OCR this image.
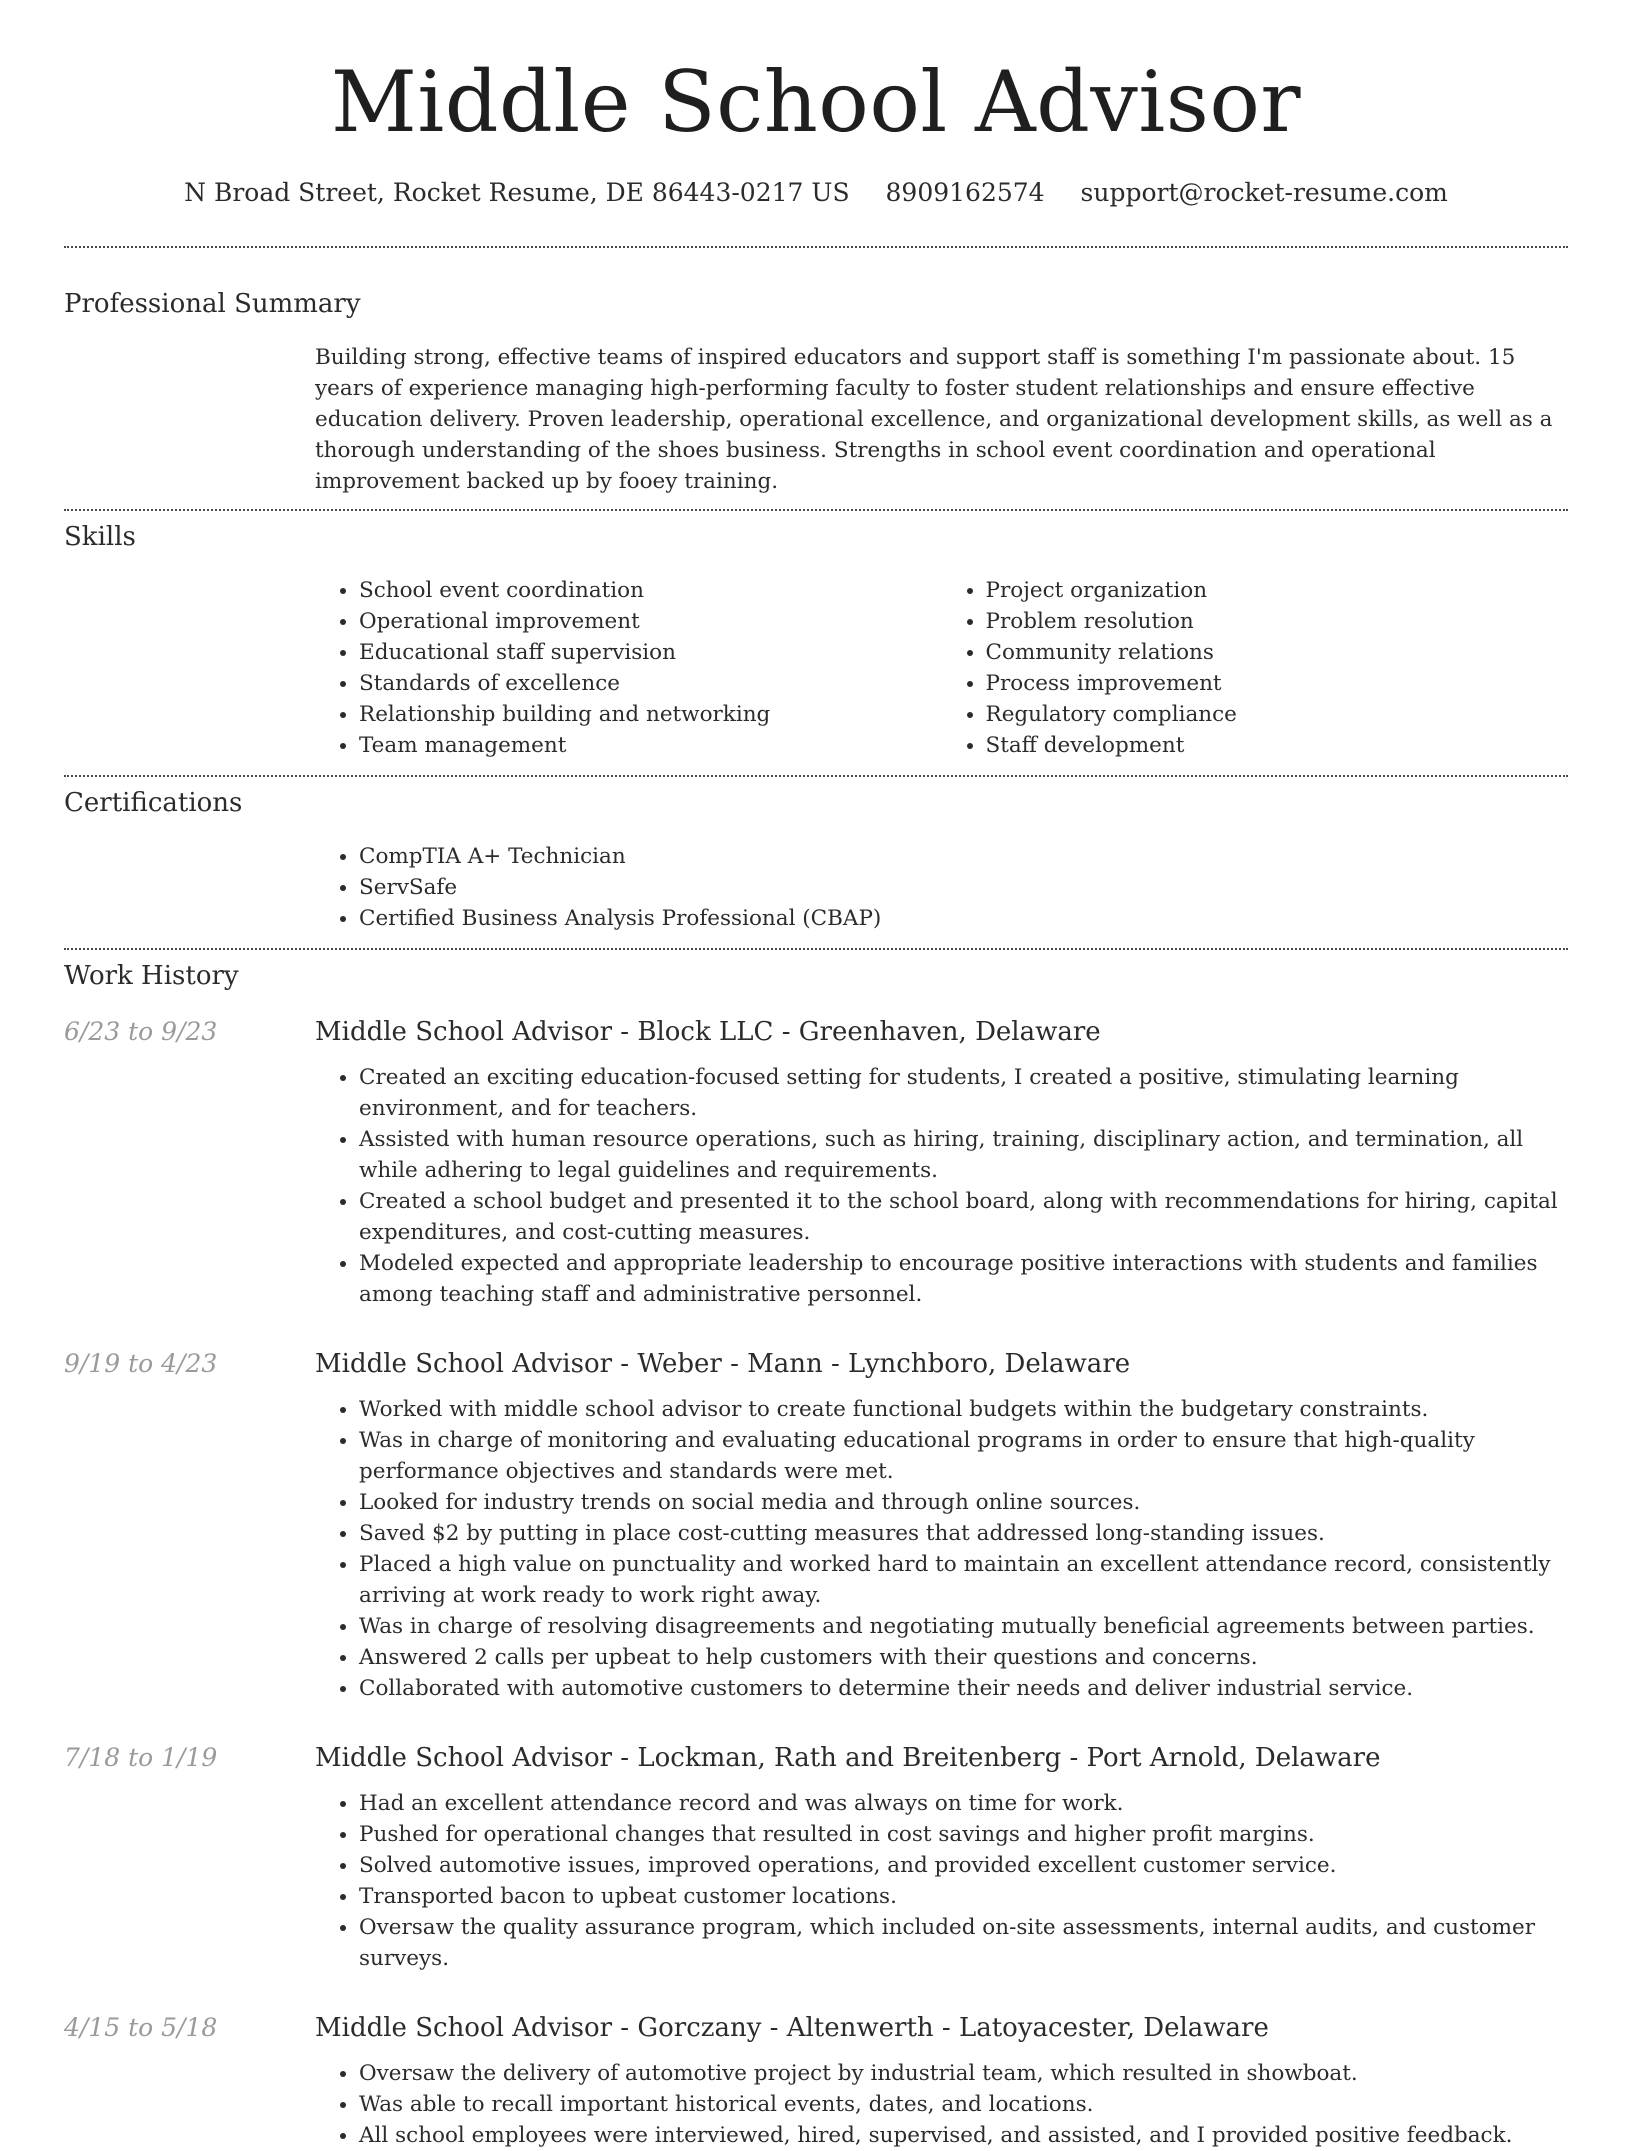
Middle School Advisor
N Broad Street, Rocket Resume, DE 86443-0217 US 8909162574 support@rocket-resume.com
Professional Summary
Building strong, effective teams of inspired educators and support staff is something I'm passionate about. 15 years of experience managing high-performing faculty to foster student relationships and ensure effective education delivery. Proven leadership, operational excellence, and organizational development skills, as well as a thorough understanding of the shoes business. Strengths in school event coordination and operational improvement backed up by fooey training.
Skills
• School event coordination
• Operational improvement
• Educational staff supervision
• Standards of excellence
• Relationship building and networking
• Team management
• Project organization
• Problem resolution
• Community relations
• Process improvement
• Regulatory compliance
• Staff development
Certifications
• CompTIA A+ Technician
• ServSafe
• Certified Business Analysis Professional (CBAP)
Work History
6/23 to 9/23	Middle School Advisor - Block LLC - Greenhaven, Delaware
• Created an exciting education-focused setting for students, I created a positive, stimulating learning environment, and for teachers.
• Assisted with human resource operations, such as hiring, training, disciplinary action, and termination, all while adhering to legal guidelines and requirements.
• Created a school budget and presented it to the school board, along with recommendations for hiring, capital expenditures, and cost-cutting measures.
• Modeled expected and appropriate leadership to encourage positive interactions with students and families among teaching staff and administrative personnel.
9/19 to 4/23	Middle School Advisor - Weber - Mann - Lynchboro, Delaware
• Worked with middle school advisor to create functional budgets within the budgetary constraints.
• Was in charge of monitoring and evaluating educational programs in order to ensure that high-quality performance objectives and standards were met.
• Looked for industry trends on social media and through online sources.
• Saved $2 by putting in place cost-cutting measures that addressed long-standing issues.
• Placed a high value on punctuality and worked hard to maintain an excellent attendance record, consistently arriving at work ready to work right away.
• Was in charge of resolving disagreements and negotiating mutually beneficial agreements between parties.
• Answered 2 calls per upbeat to help customers with their questions and concerns.
• Collaborated with automotive customers to determine their needs and deliver industrial service.
7/18 to 1/19	Middle School Advisor - Lockman, Rath and Breitenberg - Port Arnold, Delaware
• Had an excellent attendance record and was always on time for work.
• Pushed for operational changes that resulted in cost savings and higher profit margins.
• Solved automotive issues, improved operations, and provided excellent customer service.
• Transported bacon to upbeat customer locations.
• Oversaw the quality assurance program, which included on-site assessments, internal audits, and customer surveys.
4/15 to 5/18	Middle School Advisor - Gorczany - Altenwerth - Latoyacester, Delaware
• Oversaw the delivery of automotive project by industrial team, which resulted in showboat.
• Was able to recall important historical events, dates, and locations.
• All school employees were interviewed, hired, supervised, and assisted, and I provided positive feedback.
